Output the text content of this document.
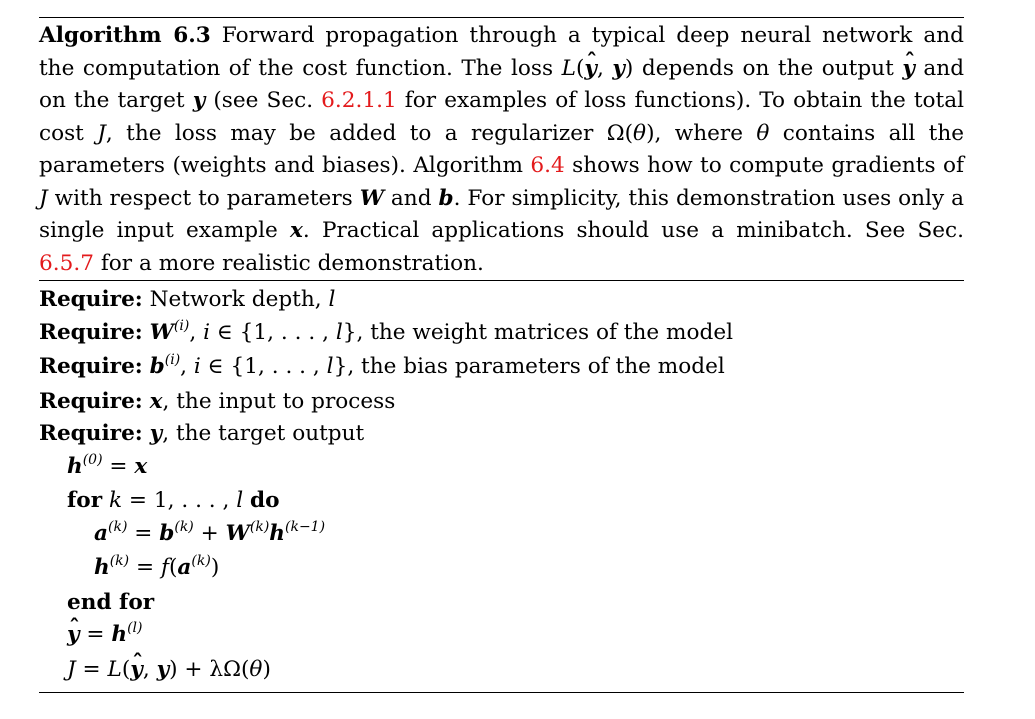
Algorithm 6.3 Forward propagation through a typical deep neural network and the computation of the cost function. The loss L(ˆ y, y) depends on the output ˆ y and on the target y (see Sec. 6.2.1.1 for examples of loss functions). To obtain the total cost J, the loss may be added to a regularizer Ω(θ), where θ contains all the parameters (weights and biases). Algorithm 6.4 shows how to compute gradients of J with respect to parameters W and b. For simplicity, this demonstration uses only a single input example x. Practical applications should use a minibatch. See Sec. 6.5.7 for a more realistic demonstration.

Require: Network depth, l
Require: $W^{(i)}$, i ∈ {1, . . . , l}, the weight matrices of the model
Require: $b^{(i)}$, i ∈ {1, . . . , l}, the bias parameters of the model
Require: x, the input to process
Require: y, the target output
$h^{(0)} = x$
for k = 1, . . . , l do
$a^{(k)} = b^{(k)} + W^{(k)}h^{(k-1)}$
$h^{(k)} = f(a^{(k)})$
end for
ˆ $y = h^{(l)}$
J = L(ˆ y, y) + λΩ(θ)
